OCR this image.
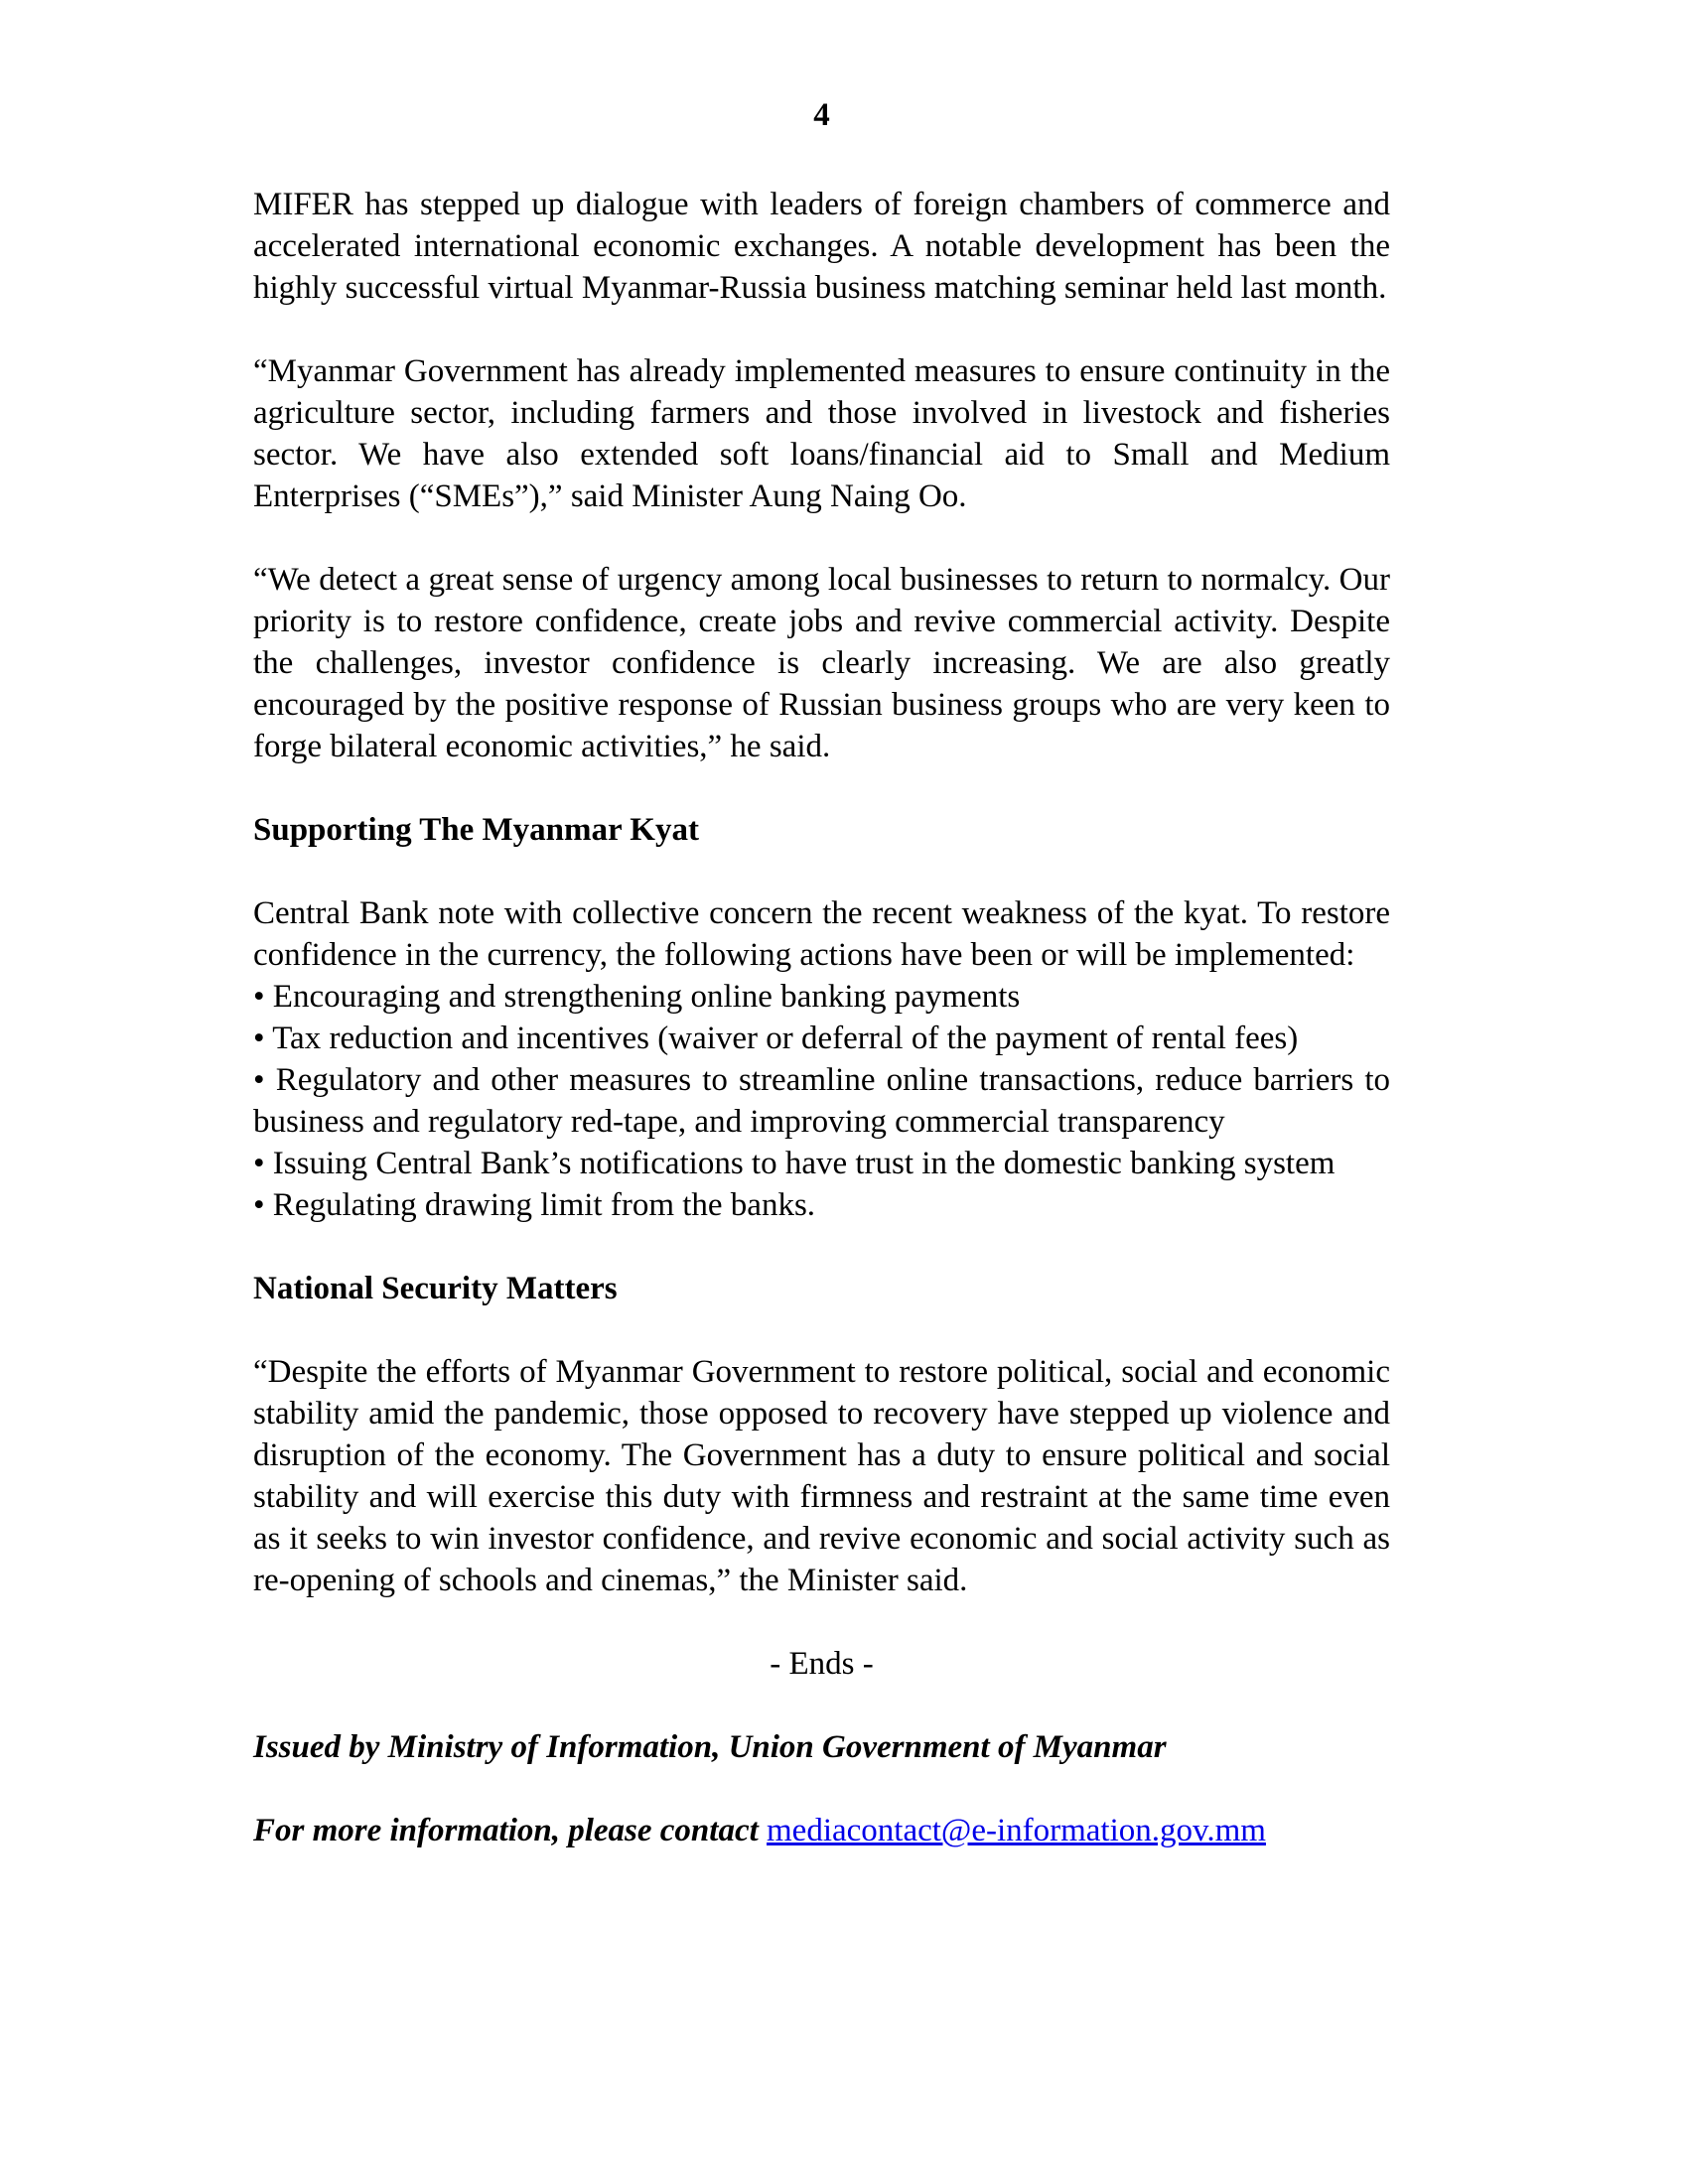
4

MIFER has stepped up dialogue with leaders of foreign chambers of commerce and accelerated international economic exchanges. A notable development has been the highly successful virtual Myanmar-Russia business matching seminar held last month.

“Myanmar Government has already implemented measures to ensure continuity in the agriculture sector, including farmers and those involved in livestock and fisheries sector. We have also extended soft loans/financial aid to Small and Medium Enterprises (“SMEs”),” said Minister Aung Naing Oo.

“We detect a great sense of urgency among local businesses to return to normalcy. Our priority is to restore confidence, create jobs and revive commercial activity. Despite the challenges, investor confidence is clearly increasing. We are also greatly encouraged by the positive response of Russian business groups who are very keen to forge bilateral economic activities,” he said.

Supporting The Myanmar Kyat

Central Bank note with collective concern the recent weakness of the kyat. To restore confidence in the currency, the following actions have been or will be implemented:

• Encouraging and strengthening online banking payments

• Tax reduction and incentives (waiver or deferral of the payment of rental fees)

• Regulatory and other measures to streamline online transactions, reduce barriers to business and regulatory red-tape, and improving commercial transparency

• Issuing Central Bank’s notifications to have trust in the domestic banking system

• Regulating drawing limit from the banks.

National Security Matters

“Despite the efforts of Myanmar Government to restore political, social and economic stability amid the pandemic, those opposed to recovery have stepped up violence and disruption of the economy. The Government has a duty to ensure political and social stability and will exercise this duty with firmness and restraint at the same time even as it seeks to win investor confidence, and revive economic and social activity such as re-opening of schools and cinemas,” the Minister said.

- Ends -

Issued by Ministry of Information, Union Government of Myanmar

For more information, please contact mediacontact@e-information.gov.mm
